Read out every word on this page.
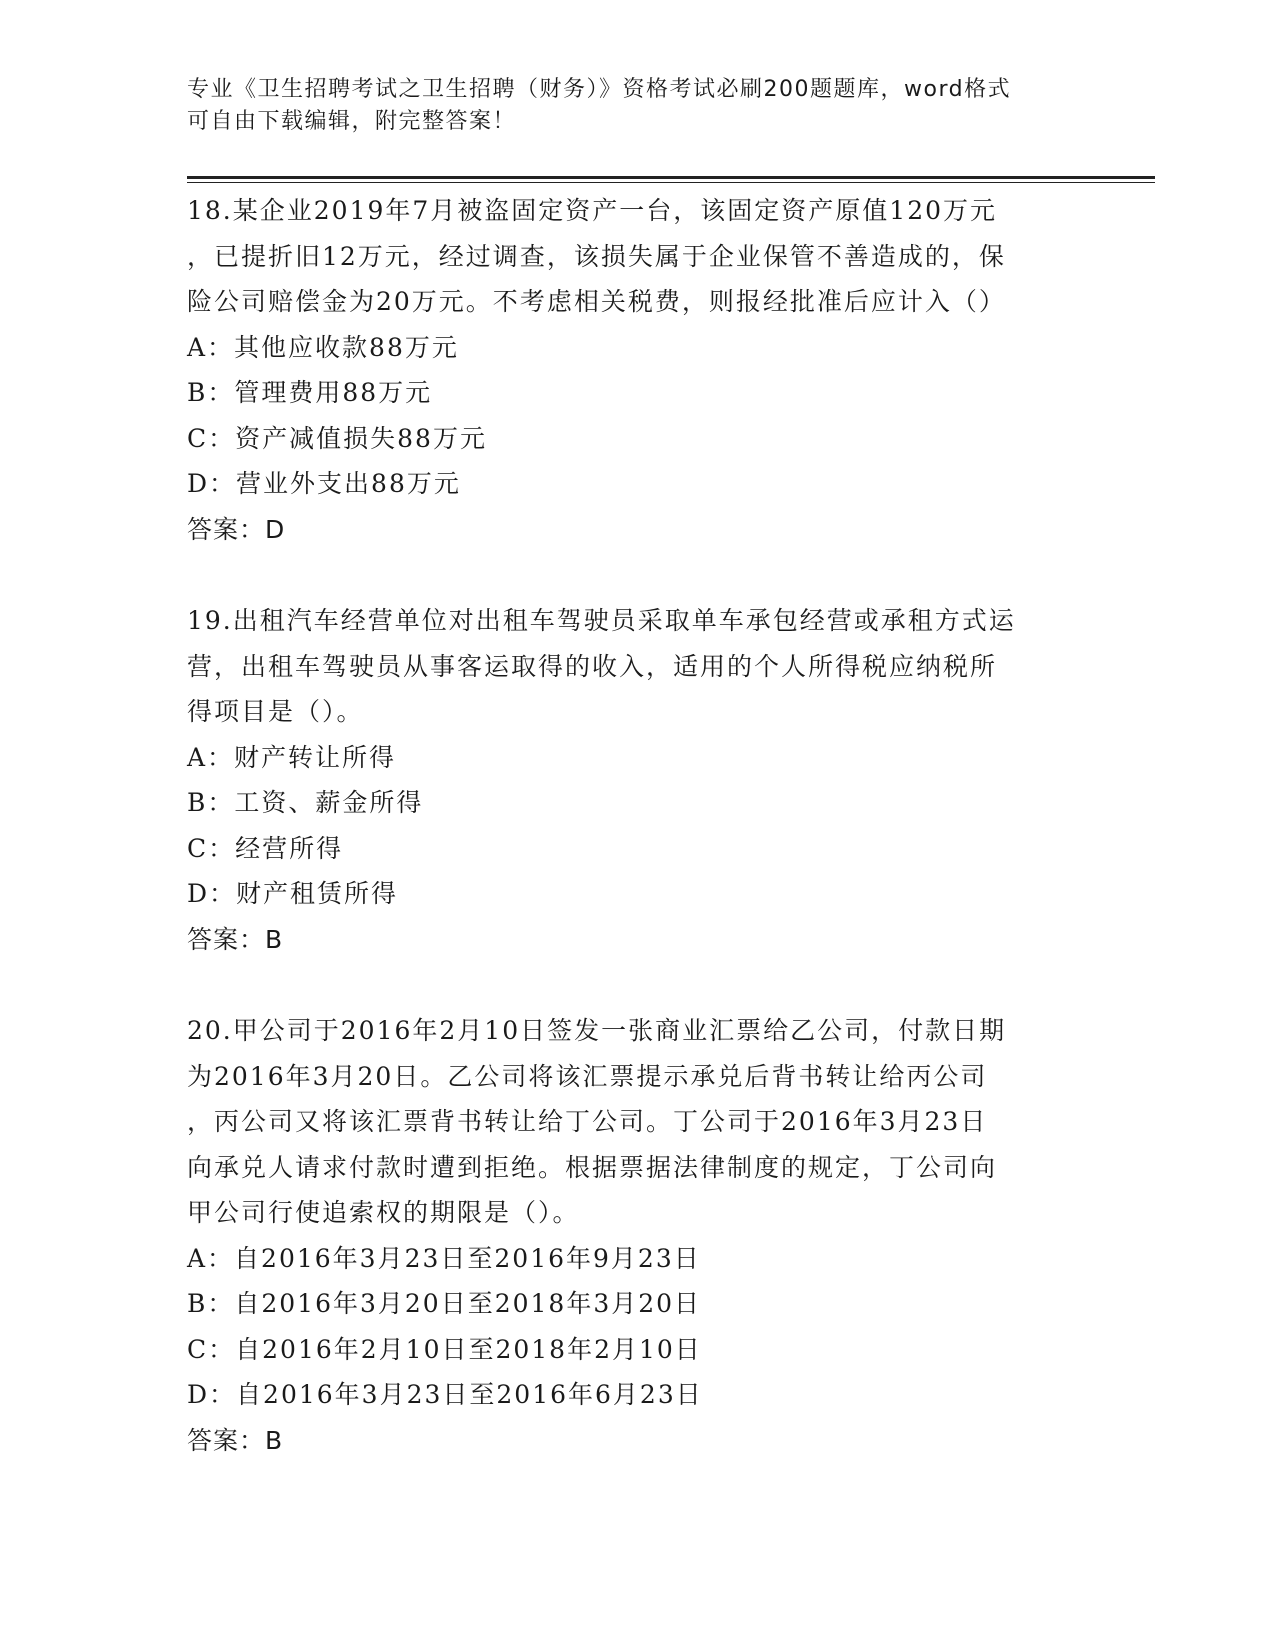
专业《卫生招聘考试之卫生招聘（财务）》资格考试必刷200题题库，word格式
可自由下载编辑，附完整答案！
18.某企业2019年7月被盗固定资产一台，该固定资产原值120万元
，已提折旧12万元，经过调查，该损失属于企业保管不善造成的，保
险公司赔偿金为20万元。不考虑相关税费，则报经批准后应计入（）
A：其他应收款88万元
B：管理费用88万元
C：资产减值损失88万元
D：营业外支出88万元
答案：D
19.出租汽车经营单位对出租车驾驶员采取单车承包经营或承租方式运
营，出租车驾驶员从事客运取得的收入，适用的个人所得税应纳税所
得项目是（）。
A：财产转让所得
B：工资、薪金所得
C：经营所得
D：财产租赁所得
答案：B
20.甲公司于2016年2月10日签发一张商业汇票给乙公司，付款日期
为2016年3月20日。乙公司将该汇票提示承兑后背书转让给丙公司
，丙公司又将该汇票背书转让给丁公司。丁公司于2016年3月23日
向承兑人请求付款时遭到拒绝。根据票据法律制度的规定，丁公司向
甲公司行使追索权的期限是（）。
A：自2016年3月23日至2016年9月23日
B：自2016年3月20日至2018年3月20日
C：自2016年2月10日至2018年2月10日
D：自2016年3月23日至2016年6月23日
答案：B
